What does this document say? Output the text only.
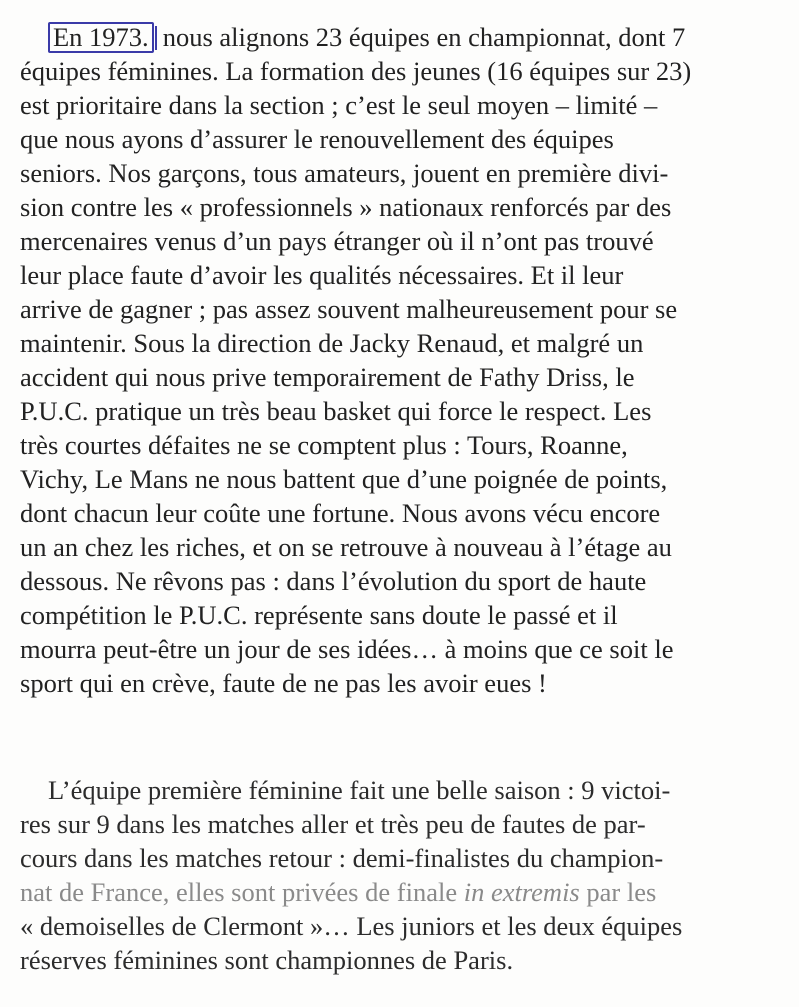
En 1973. nous alignons 23 équipes en championnat, dont 7
équipes féminines. La formation des jeunes (16 équipes sur 23)
est prioritaire dans la section ; c’est le seul moyen – limité –
que nous ayons d’assurer le renouvellement des équipes
seniors. Nos garçons, tous amateurs, jouent en première divi-
sion contre les « professionnels » nationaux renforcés par des
mercenaires venus d’un pays étranger où il n’ont pas trouvé
leur place faute d’avoir les qualités nécessaires. Et il leur
arrive de gagner ; pas assez souvent malheureusement pour se
maintenir. Sous la direction de Jacky Renaud, et malgré un
accident qui nous prive temporairement de Fathy Driss, le
P.U.C. pratique un très beau basket qui force le respect. Les
très courtes défaites ne se comptent plus : Tours, Roanne,
Vichy, Le Mans ne nous battent que d’une poignée de points,
dont chacun leur coûte une fortune. Nous avons vécu encore
un an chez les riches, et on se retrouve à nouveau à l’étage au
dessous. Ne rêvons pas : dans l’évolution du sport de haute
compétition le P.U.C. représente sans doute le passé et il
mourra peut-être un jour de ses idées… à moins que ce soit le
sport qui en crève, faute de ne pas les avoir eues !

L’équipe première féminine fait une belle saison : 9 victoi-
res sur 9 dans les matches aller et très peu de fautes de par-
cours dans les matches retour : demi-finalistes du champion-
nat de France, elles sont privées de finale in extremis par les
« demoiselles de Clermont »… Les juniors et les deux équipes
réserves féminines sont championnes de Paris.
